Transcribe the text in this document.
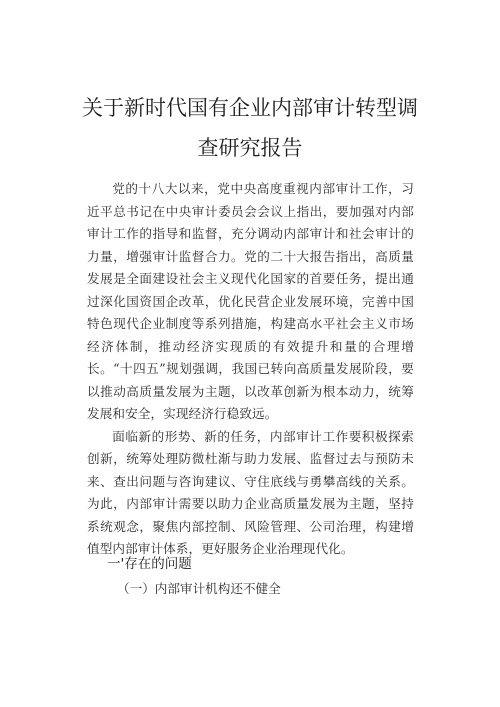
关于新时代国有企业内部审计转型调查研究报告

党的十八大以来，党中央高度重视内部审计工作，习近平总书记在中央审计委员会会议上指出，要加强对内部审计工作的指导和监督，充分调动内部审计和社会审计的力量，增强审计监督合力。党的二十大报告指出，高质量发展是全面建设社会主义现代化国家的首要任务，提出通过深化国资国企改革，优化民营企业发展环境，完善中国特色现代企业制度等系列措施，构建高水平社会主义市场经济体制，推动经济实现质的有效提升和量的合理增长。“十四五”规划强调，我国已转向高质量发展阶段，要以推动高质量发展为主题，以改革创新为根本动力，统筹发展和安全，实现经济行稳致远。

面临新的形势、新的任务，内部审计工作要积极探索创新，统筹处理防微杜渐与助力发展、监督过去与预防未来、查出问题与咨询建议、守住底线与勇攀高线的关系。为此，内部审计需要以助力企业高质量发展为主题，坚持系统观念，聚焦内部控制、风险管理、公司治理，构建增值型内部审计体系，更好服务企业治理现代化。

一'存在的问题

（一）内部审计机构还不健全
